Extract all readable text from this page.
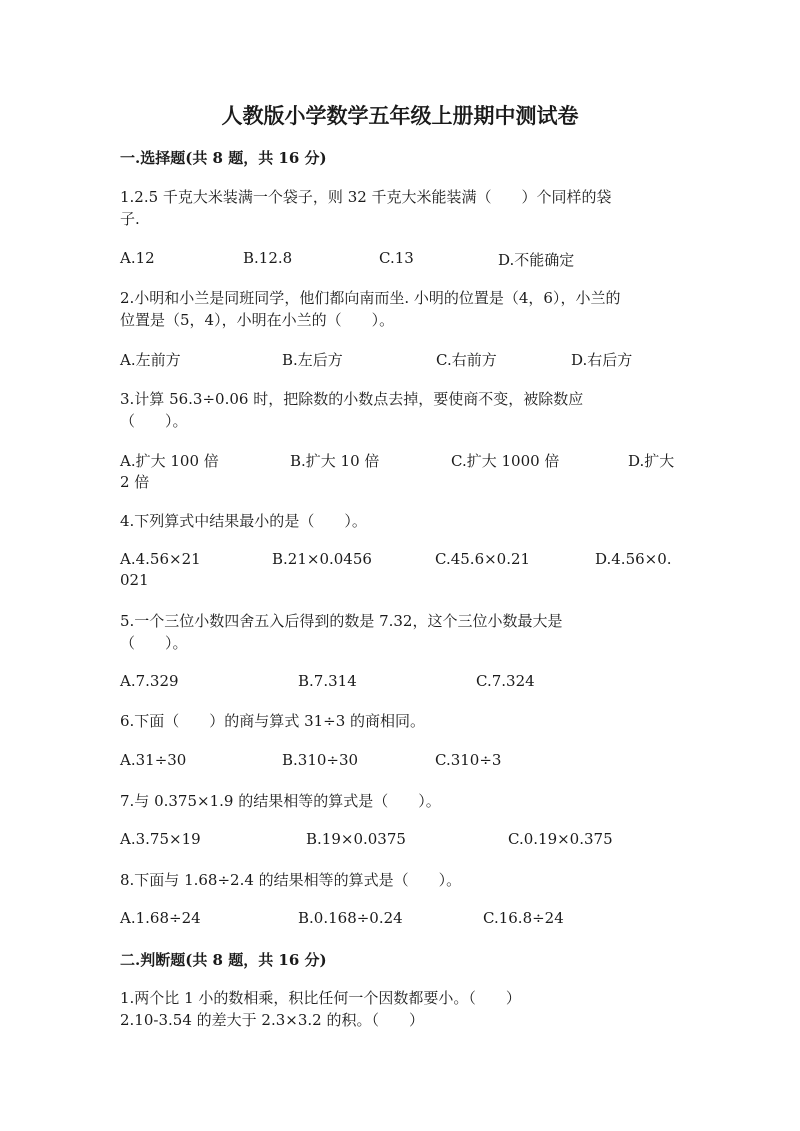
人教版小学数学五年级上册期中测试卷
一.选择题(共 8 题，共 16 分)
1.2.5 千克大米装满一个袋子，则 32 千克大米能装满（　　）个同样的袋
子.
A.12	B.12.8	C.13	D.不能确定
2.小明和小兰是同班同学，他们都向南而坐. 小明的位置是（4，6），小兰的
位置是（5，4），小明在小兰的（　　）。
A.左前方	B.左后方	C.右前方	D.右后方
3.计算 56.3÷0.06 时，把除数的小数点去掉，要使商不变，被除数应
（　　）。
A.扩大 100 倍	B.扩大 10 倍	C.扩大 1000 倍	D.扩大
2 倍
4.下列算式中结果最小的是（　　）。
A.4.56×21	B.21×0.0456	C.45.6×0.21	D.4.56×0.
021
5.一个三位小数四舍五入后得到的数是 7.32，这个三位小数最大是
（　　）。
A.7.329	B.7.314	C.7.324
6.下面（　　）的商与算式 31÷3 的商相同。
A.31÷30	B.310÷30	C.310÷3
7.与 0.375×1.9 的结果相等的算式是（　　）。
A.3.75×19	B.19×0.0375	C.0.19×0.375
8.下面与 1.68÷2.4 的结果相等的算式是（　　）。
A.1.68÷24	B.0.168÷0.24	C.16.8÷24
二.判断题(共 8 题，共 16 分)
1.两个比 1 小的数相乘，积比任何一个因数都要小。（　　）
2.10-3.54 的差大于 2.3×3.2 的积。（　　）
